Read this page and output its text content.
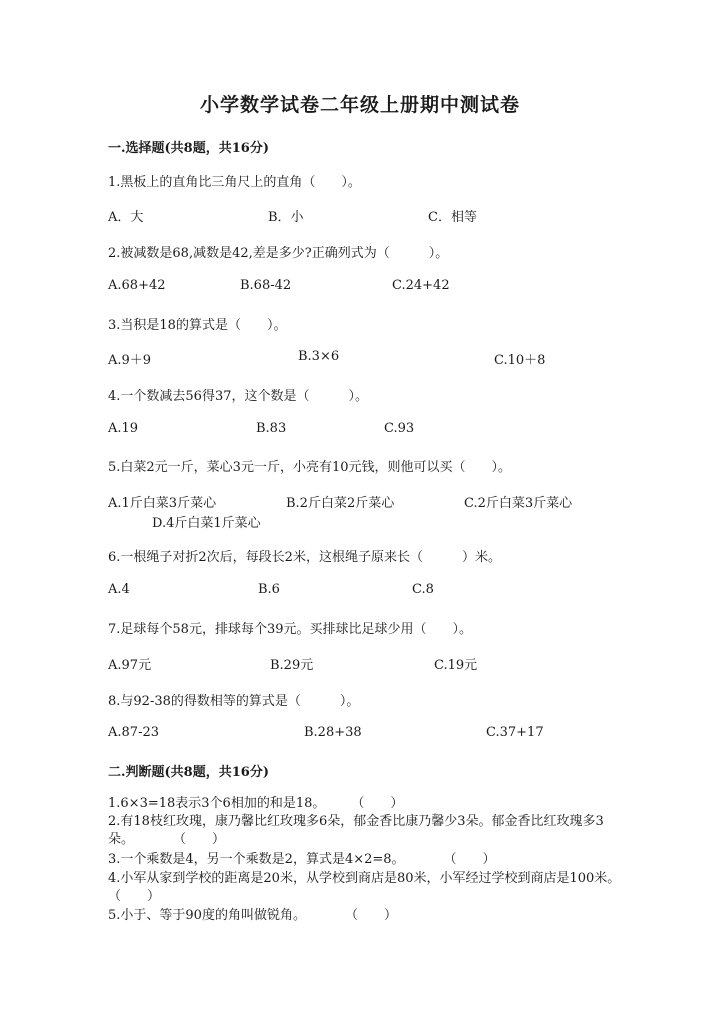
小学数学试卷二年级上册期中测试卷
一.选择题(共8题，共16分)
1.黑板上的直角比三角尺上的直角（　　）。
A．大	B．小	C．相等
2.被减数是68,减数是42,差是多少?正确列式为（　　　）。
A.68+42	B.68-42	C.24+42
3.当积是18的算式是（　　）。
A.9＋9	B.3×6	C.10＋8
4.一个数减去56得37，这个数是（　　　）。
A.19	B.83	C.93
5.白菜2元一斤，菜心3元一斤，小亮有10元钱，则他可以买（　　）。
A.1斤白菜3斤菜心	B.2斤白菜2斤菜心	C.2斤白菜3斤菜心
D.4斤白菜1斤菜心
6.一根绳子对折2次后，每段长2米，这根绳子原来长（　　　）米。
A.4	B.6	C.8
7.足球每个58元，排球每个39元。买排球比足球少用（　　）。
A.97元	B.29元	C.19元
8.与92-38的得数相等的算式是（　　　）。
A.87-23	B.28+38	C.37+17
二.判断题(共8题，共16分)
1.6×3=18表示3个6相加的和是18。　　　（　　）
2.有18枝红玫瑰，康乃馨比红玫瑰多6朵，郁金香比康乃馨少3朵。郁金香比红玫瑰多3朵。　　　　（　　）
3.一个乘数是4，另一个乘数是2，算式是4×2=8。　　　　（　　）
4.小军从家到学校的距离是20米，从学校到商店是80米，小军经过学校到商店是100米。　　（　　）
5.小于、等于90度的角叫做锐角。　　　　（　　）
